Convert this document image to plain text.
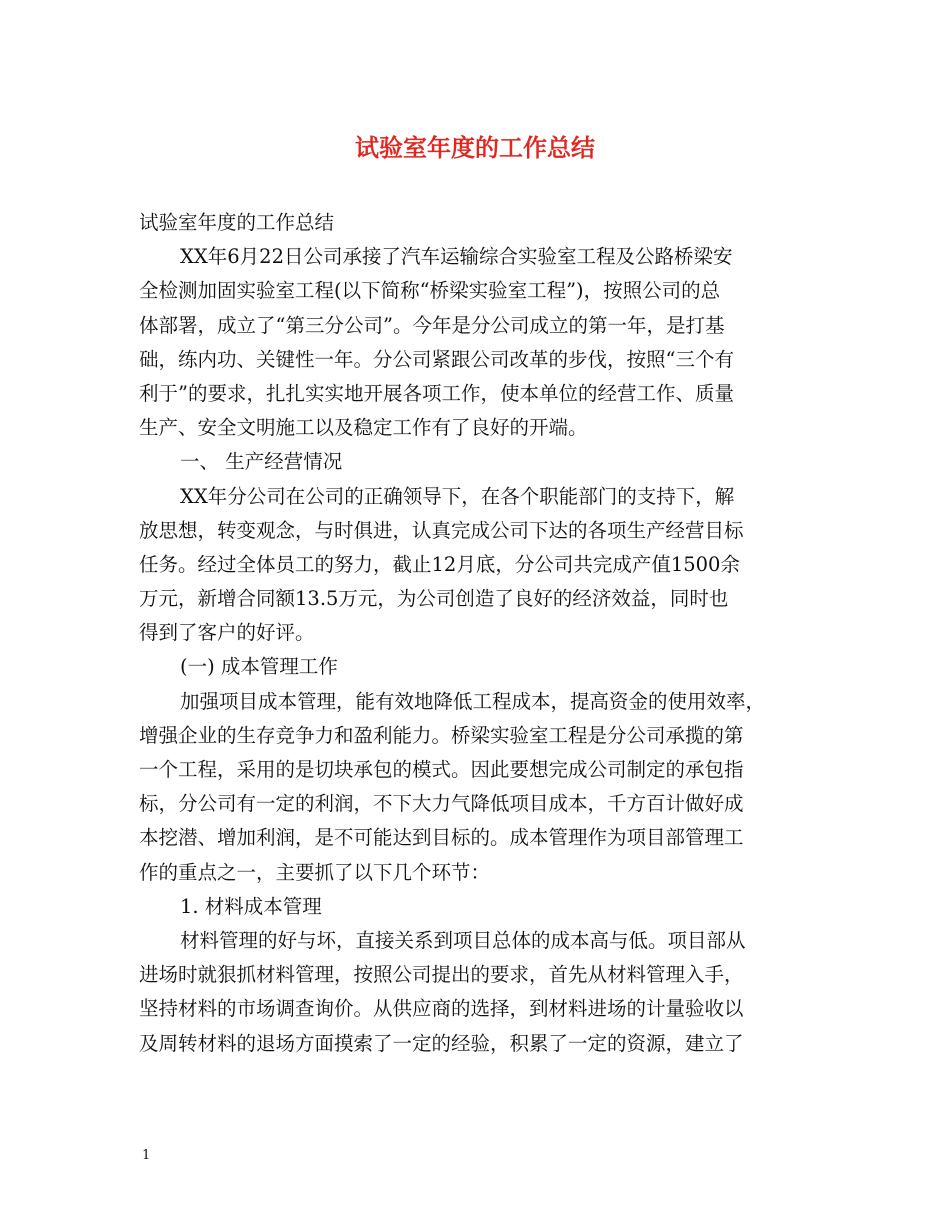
试验室年度的工作总结
试验室年度的工作总结
XX年6月22日公司承接了汽车运输综合实验室工程及公路桥梁安
全检测加固实验室工程(以下简称“桥梁实验室工程”)，按照公司的总
体部署，成立了“第三分公司”。今年是分公司成立的第一年，是打基
础，练内功、关键性一年。分公司紧跟公司改革的步伐，按照“三个有
利于”的要求，扎扎实实地开展各项工作，使本单位的经营工作、质量
生产、安全文明施工以及稳定工作有了良好的开端。
一、 生产经营情况
XX年分公司在公司的正确领导下，在各个职能部门的支持下，解
放思想，转变观念，与时俱进，认真完成公司下达的各项生产经营目标
任务。经过全体员工的努力，截止12月底，分公司共完成产值1500余
万元，新增合同额13.5万元，为公司创造了良好的经济效益，同时也
得到了客户的好评。
(一) 成本管理工作
加强项目成本管理，能有效地降低工程成本，提高资金的使用效率，
增强企业的生存竞争力和盈利能力。桥梁实验室工程是分公司承揽的第
一个工程，采用的是切块承包的模式。因此要想完成公司制定的承包指
标，分公司有一定的利润，不下大力气降低项目成本，千方百计做好成
本挖潜、增加利润，是不可能达到目标的。成本管理作为项目部管理工
作的重点之一，主要抓了以下几个环节：
1. 材料成本管理
材料管理的好与坏，直接关系到项目总体的成本高与低。项目部从
进场时就狠抓材料管理，按照公司提出的要求，首先从材料管理入手，
坚持材料的市场调查询价。从供应商的选择，到材料进场的计量验收以
及周转材料的退场方面摸索了一定的经验，积累了一定的资源，建立了
1
